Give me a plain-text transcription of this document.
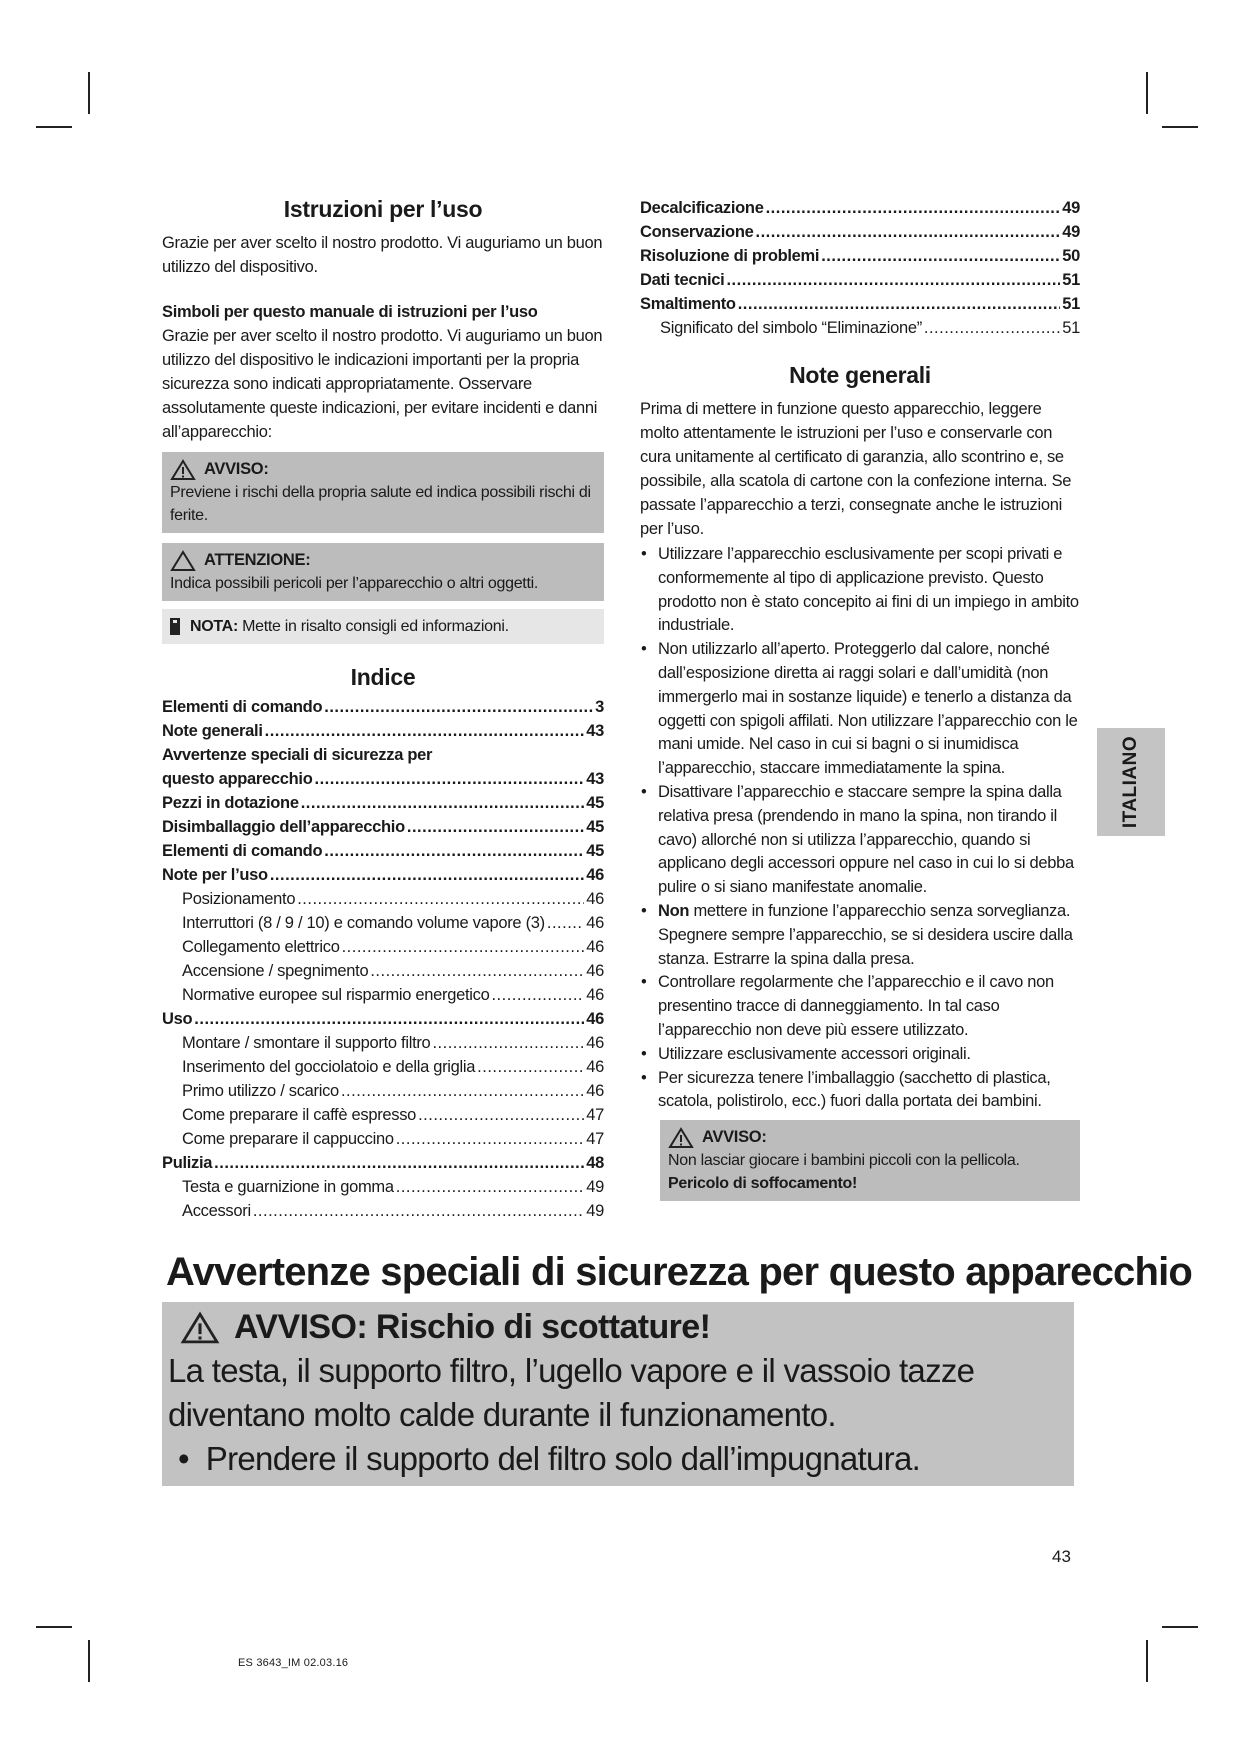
Istruzioni per l’uso

Grazie per aver scelto il nostro prodotto. Vi auguriamo un buon utilizzo del dispositivo.

Simboli per questo manuale di istruzioni per l’uso

Grazie per aver scelto il nostro prodotto. Vi auguriamo un buon utilizzo del dispositivo le indicazioni importanti per la propria sicurezza sono indicati appropriatamente. Osservare assolutamente queste indicazioni, per evitare incidenti e danni all’apparecchio:

AVVISO:
Previene i rischi della propria salute ed indica possibili rischi di ferite.
ATTENZIONE:
Indica possibili pericoli per l’apparecchio o altri oggetti.
NOTA: Mette in risalto consigli ed informazioni.
Indice
Elementi di comando .....	3
Note generali .....	43
Avvertenze speciali di sicurezza per
questo apparecchio .....	43
Pezzi in dotazione .....	45
Disimballaggio dell’apparecchio .....	45
Elementi di comando .....	45
Note per l’uso .....	46
Posizionamento .....	46
Interruttori (8 / 9 / 10) e comando volume vapore (3) .....	46
Collegamento elettrico .....	46
Accensione / spegnimento .....	46
Normative europee sul risparmio energetico .....	46
Uso .....	46
Montare / smontare il supporto filtro .....	46
Inserimento del gocciolatoio e della griglia .....	46
Primo utilizzo / scarico .....	46
Come preparare il caffè espresso .....	47
Come preparare il cappuccino .....	47
Pulizia .....	48
Testa e guarnizione in gomma .....	49
Accessori .....	49
Decalcificazione .....	49
Conservazione .....	49
Risoluzione di problemi .....	50
Dati tecnici .....	51
Smaltimento .....	51
Significato del simbolo “Eliminazione” .....	51
Note generali

Prima di mettere in funzione questo apparecchio, leggere molto attentamente le istruzioni per l’uso e conservarle con cura unitamente al certificato di garanzia, allo scontrino e, se possibile, alla scatola di cartone con la confezione interna. Se passate l’apparecchio a terzi, consegnate anche le istruzioni per l’uso.

• Utilizzare l’apparecchio esclusivamente per scopi privati e conformemente al tipo di applicazione previsto. Questo prodotto non è stato concepito ai fini di un impiego in ambito industriale.
• Non utilizzarlo all’aperto. Proteggerlo dal calore, nonché dall’esposizione diretta ai raggi solari e dall’umidità (non immergerlo mai in sostanze liquide) e tenerlo a distanza da oggetti con spigoli affilati. Non utilizzare l’apparecchio con le mani umide. Nel caso in cui si bagni o si inumidisca l’apparecchio, staccare immediatamente la spina.
• Disattivare l’apparecchio e staccare sempre la spina dalla relativa presa (prendendo in mano la spina, non tirando il cavo) allorché non si utilizza l’apparecchio, quando si applicano degli accessori oppure nel caso in cui lo si debba pulire o si siano manifestate anomalie.
• Non mettere in funzione l’apparecchio senza sorveglianza. Spegnere sempre l’apparecchio, se si desidera uscire dalla stanza. Estrarre la spina dalla presa.
• Controllare regolarmente che l’apparecchio e il cavo non presentino tracce di danneggiamento. In tal caso l’apparecchio non deve più essere utilizzato.
• Utilizzare esclusivamente accessori originali.
• Per sicurezza tenere l’imballaggio (sacchetto di plastica, scatola, polistirolo, ecc.) fuori dalla portata dei bambini.
AVVISO:
Non lasciar giocare i bambini piccoli con la pellicola.
Pericolo di soffocamento!
ITALIANO
Avvertenze speciali di sicurezza per questo apparecchio
AVVISO: Rischio di scottature!
La testa, il supporto filtro, l’ugello vapore e il vassoio tazze diventano molto calde durante il funzionamento.
•  Prendere il supporto del filtro solo dall’impugnatura.
43
ES 3643_IM 02.03.16
